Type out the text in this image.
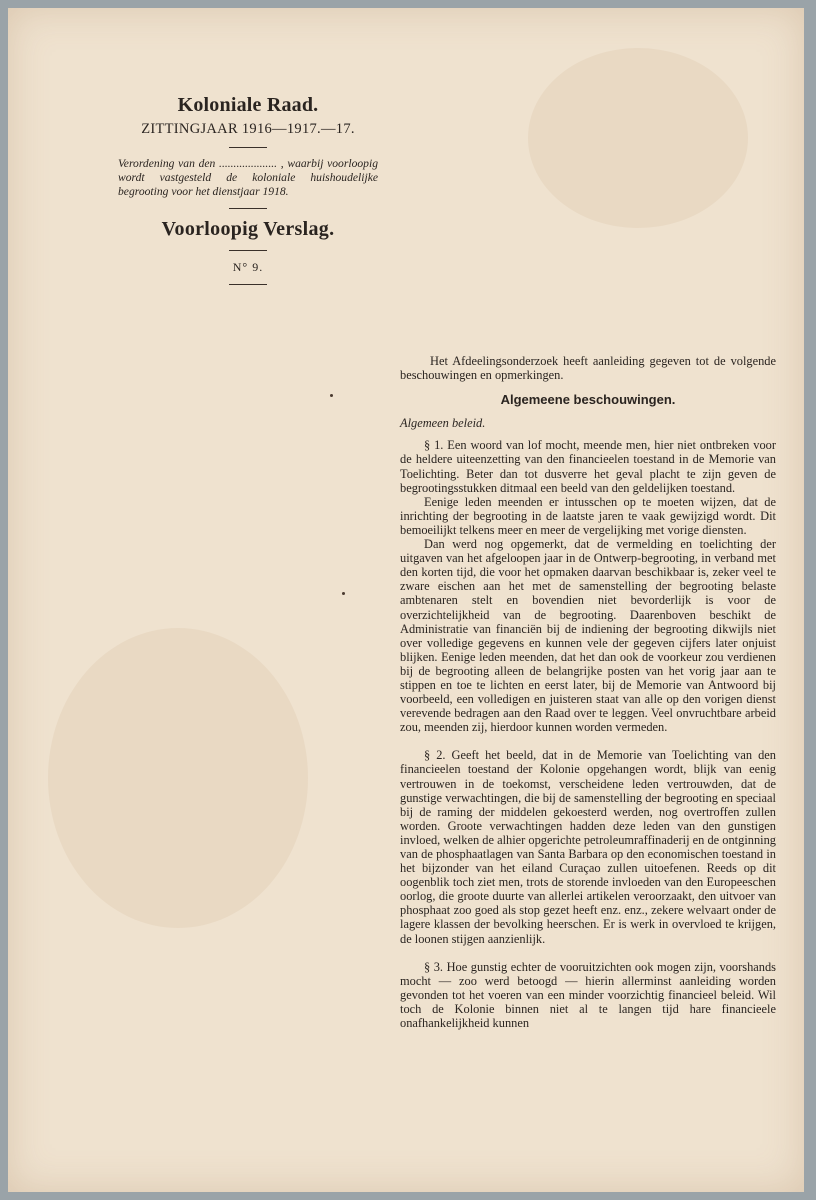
Koloniale Raad.
ZITTINGJAAR 1916—1917.—17.

Verordening van den .................... , waarbij voorloopig wordt vastgesteld de koloniale huishoudelijke begrooting voor het dienstjaar 1918.

Voorloopig Verslag.
N° 9.

Het Afdeelingsonderzoek heeft aanleiding gegeven tot de volgende beschouwingen en opmerkingen.

Algemeene beschouwingen.

Algemeen beleid.

§ 1. Een woord van lof mocht, meende men, hier niet ontbreken voor de heldere uiteenzetting van den financieelen toestand in de Memorie van Toelichting. Beter dan tot dusverre het geval placht te zijn geven de begrootingsstukken ditmaal een beeld van den geldelijken toestand.

Eenige leden meenden er intusschen op te moeten wijzen, dat de inrichting der begrooting in de laatste jaren te vaak gewijzigd wordt. Dit bemoeilijkt telkens meer en meer de vergelijking met vorige diensten.

Dan werd nog opgemerkt, dat de vermelding en toelichting der uitgaven van het afgeloopen jaar in de Ontwerp-begrooting, in verband met den korten tijd, die voor het opmaken daarvan beschikbaar is, zeker veel te zware eischen aan het met de samenstelling der begrooting belaste ambtenaren stelt en bovendien niet bevorderlijk is voor de overzichtelijkheid van de begrooting. Daarenboven beschikt de Administratie van financiën bij de indiening der begrooting dikwijls niet over volledige gegevens en kunnen vele der gegeven cijfers later onjuist blijken. Eenige leden meenden, dat het dan ook de voorkeur zou verdienen bij de begrooting alleen de belangrijke posten van het vorig jaar aan te stippen en toe te lichten en eerst later, bij de Memorie van Antwoord bij voorbeeld, een volledigen en juisteren staat van alle op den vorigen dienst verevende bedragen aan den Raad over te leggen. Veel onvruchtbare arbeid zou, meenden zij, hierdoor kunnen worden vermeden.

§ 2. Geeft het beeld, dat in de Memorie van Toelichting van den financieelen toestand der Kolonie opgehangen wordt, blijk van eenig vertrouwen in de toekomst, verscheidene leden vertrouwden, dat de gunstige verwachtingen, die bij de samenstelling der begrooting en speciaal bij de raming der middelen gekoesterd werden, nog overtroffen zullen worden. Groote verwachtingen hadden deze leden van den gunstigen invloed, welken de alhier opgerichte petroleumraffinaderij en de ontginning van de phosphaatlagen van Santa Barbara op den economischen toestand in het bijzonder van het eiland Curaçao zullen uitoefenen. Reeds op dit oogenblik toch ziet men, trots de storende invloeden van den Europeeschen oorlog, die groote duurte van allerlei artikelen veroorzaakt, den uitvoer van phosphaat zoo goed als stop gezet heeft enz. enz., zekere welvaart onder de lagere klassen der bevolking heerschen. Er is werk in overvloed te krijgen, de loonen stijgen aanzienlijk.

§ 3. Hoe gunstig echter de vooruitzichten ook mogen zijn, voorshands mocht — zoo werd betoogd — hierin allerminst aanleiding worden gevonden tot het voeren van een minder voorzichtig financieel beleid. Wil toch de Kolonie binnen niet al te langen tijd hare financieele onafhankelijkheid kunnen
